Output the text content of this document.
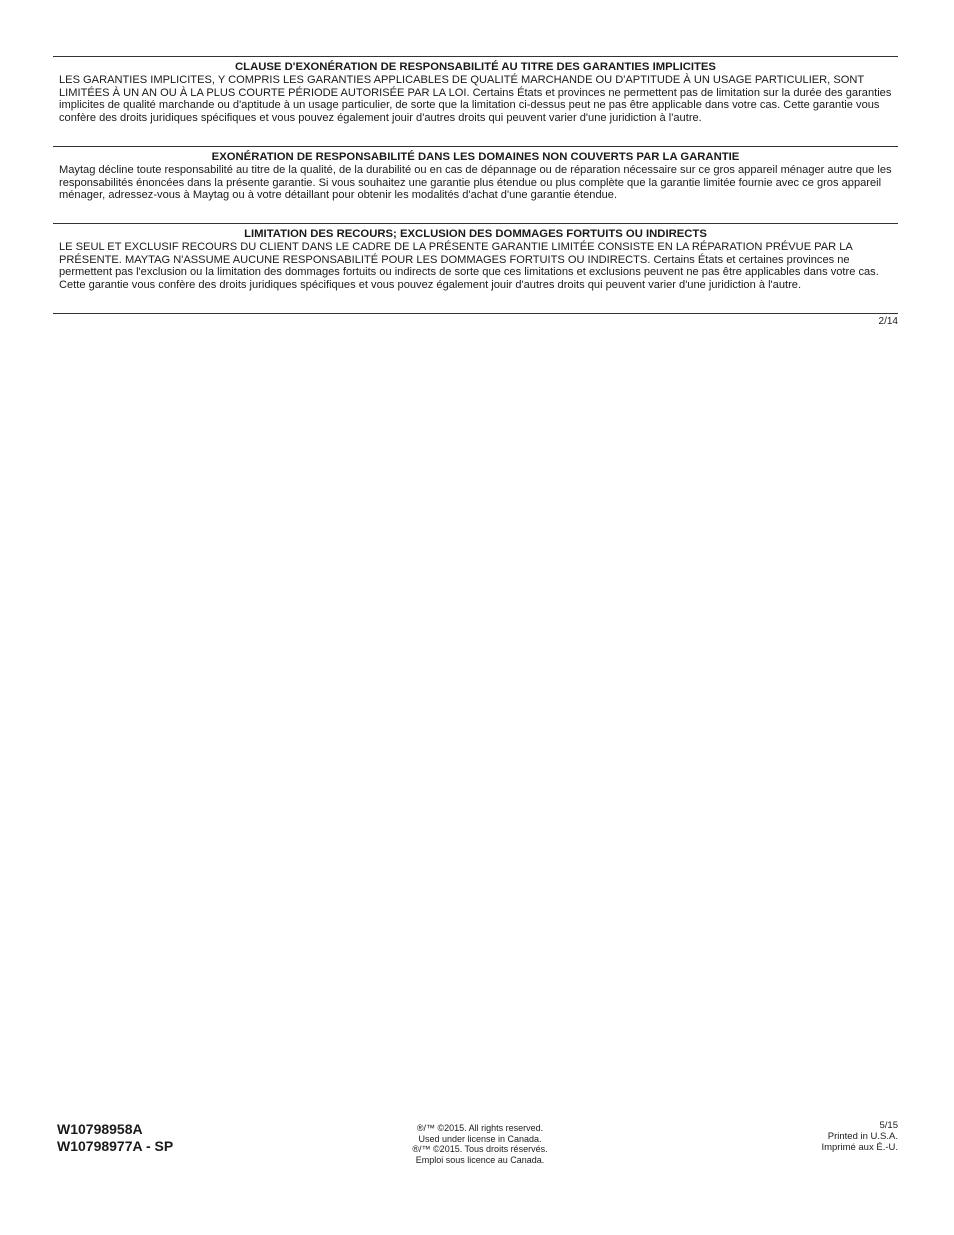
CLAUSE D'EXONÉRATION DE RESPONSABILITÉ AU TITRE DES GARANTIES IMPLICITES

LES GARANTIES IMPLICITES, Y COMPRIS LES GARANTIES APPLICABLES DE QUALITÉ MARCHANDE OU D'APTITUDE À UN USAGE PARTICULIER, SONT LIMITÉES À UN AN OU À LA PLUS COURTE PÉRIODE AUTORISÉE PAR LA LOI. Certains États et provinces ne permettent pas de limitation sur la durée des garanties implicites de qualité marchande ou d'aptitude à un usage particulier, de sorte que la limitation ci-dessus peut ne pas être applicable dans votre cas. Cette garantie vous confère des droits juridiques spécifiques et vous pouvez également jouir d'autres droits qui peuvent varier d'une juridiction à l'autre.

EXONÉRATION DE RESPONSABILITÉ DANS LES DOMAINES NON COUVERTS PAR LA GARANTIE

Maytag décline toute responsabilité au titre de la qualité, de la durabilité ou en cas de dépannage ou de réparation nécessaire sur ce gros appareil ménager autre que les responsabilités énoncées dans la présente garantie. Si vous souhaitez une garantie plus étendue ou plus complète que la garantie limitée fournie avec ce gros appareil ménager, adressez-vous à Maytag ou à votre détaillant pour obtenir les modalités d'achat d'une garantie étendue.

LIMITATION DES RECOURS; EXCLUSION DES DOMMAGES FORTUITS OU INDIRECTS

LE SEUL ET EXCLUSIF RECOURS DU CLIENT DANS LE CADRE DE LA PRÉSENTE GARANTIE LIMITÉE CONSISTE EN LA RÉPARATION PRÉVUE PAR LA PRÉSENTE. MAYTAG N'ASSUME AUCUNE RESPONSABILITÉ POUR LES DOMMAGES FORTUITS OU INDIRECTS. Certains États et certaines provinces ne permettent pas l'exclusion ou la limitation des dommages fortuits ou indirects de sorte que ces limitations et exclusions peuvent ne pas être applicables dans votre cas. Cette garantie vous confère des droits juridiques spécifiques et vous pouvez également jouir d'autres droits qui peuvent varier d'une juridiction à l'autre.

2/14
W10798958A
W10798977A - SP
®/™ ©2015. All rights reserved.
Used under license in Canada.
®/™ ©2015. Tous droits réservés.
Emploi sous licence au Canada.
5/15
Printed in U.S.A.
Imprimé aux É.-U.
